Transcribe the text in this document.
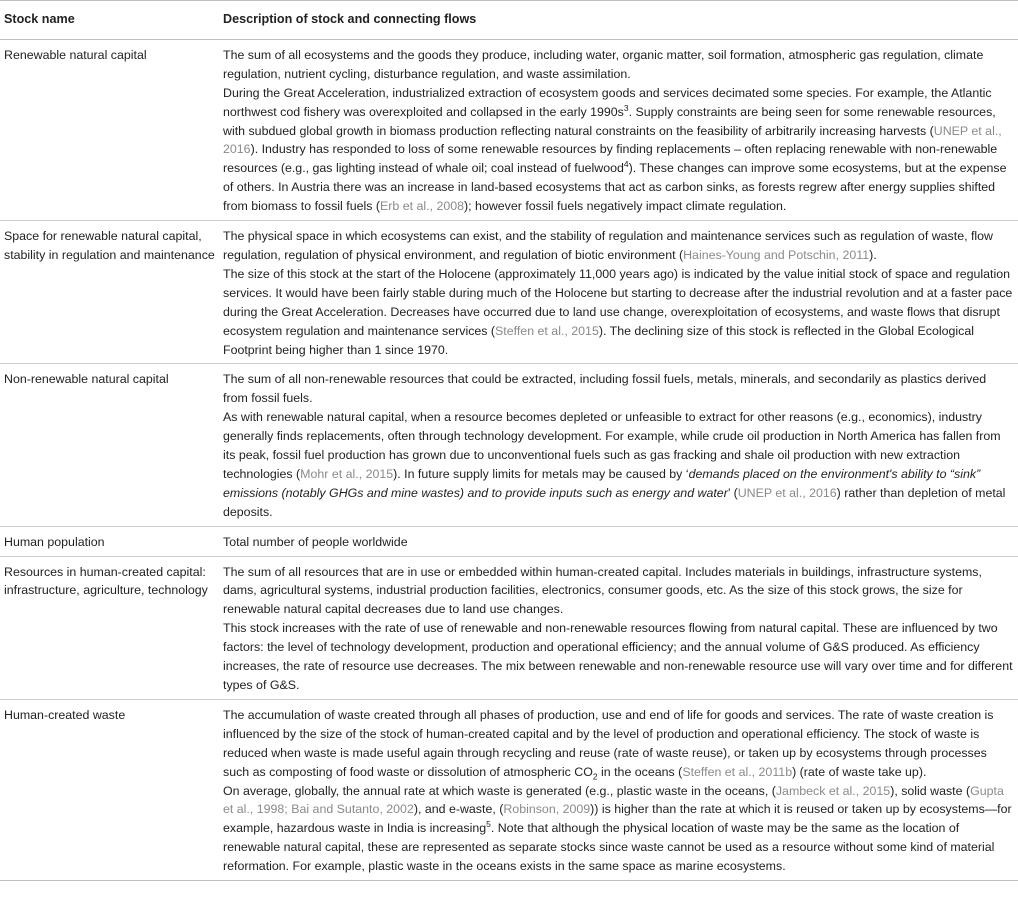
Stock name	Description of stock and connecting flows
Renewable natural capital	The sum of all ecosystems and the goods they produce, including water, organic matter, soil formation, atmospheric gas regulation, climate regulation, nutrient cycling, disturbance regulation, and waste assimilation.
During the Great Acceleration, industrialized extraction of ecosystem goods and services decimated some species. For example, the Atlantic northwest cod fishery was overexploited and collapsed in the early $1990s^3$. Supply constraints are being seen for some renewable resources, with subdued global growth in biomass production reflecting natural constraints on the feasibility of arbitrarily increasing harvests (UNEP et al., 2016). Industry has responded to loss of some renewable resources by finding replacements – often replacing renewable with non-renewable resources (e.g., gas lighting instead of whale oil; coal instead of fuelwood$^4$). These changes can improve some ecosystems, but at the expense of others. In Austria there was an increase in land-based ecosystems that act as carbon sinks, as forests regrew after energy supplies shifted from biomass to fossil fuels (Erb et al., 2008); however fossil fuels negatively impact climate regulation.

Space for renewable natural capital, stability in regulation and maintenance	The physical space in which ecosystems can exist, and the stability of regulation and maintenance services such as regulation of waste, flow regulation, regulation of physical environment, and regulation of biotic environment (Haines-Young and Potschin, 2011).
The size of this stock at the start of the Holocene (approximately 11,000 years ago) is indicated by the value initial stock of space and regulation services. It would have been fairly stable during much of the Holocene but starting to decrease after the industrial revolution and at a faster pace during the Great Acceleration. Decreases have occurred due to land use change, overexploitation of ecosystems, and waste flows that disrupt ecosystem regulation and maintenance services (Steffen et al., 2015). The declining size of this stock is reflected in the Global Ecological Footprint being higher than 1 since 1970.

Non-renewable natural capital	The sum of all non-renewable resources that could be extracted, including fossil fuels, metals, minerals, and secondarily as plastics derived from fossil fuels.
As with renewable natural capital, when a resource becomes depleted or unfeasible to extract for other reasons (e.g., economics), industry generally finds replacements, often through technology development. For example, while crude oil production in North America has fallen from its peak, fossil fuel production has grown due to unconventional fuels such as gas fracking and shale oil production with new extraction technologies (Mohr et al., 2015). In future supply limits for metals may be caused by ‘demands placed on the environment's ability to “sink” emissions (notably GHGs and mine wastes) and to provide inputs such as energy and water’ (UNEP et al., 2016) rather than depletion of metal deposits.

Human population	Total number of people worldwide

Resources in human-created capital: infrastructure, agriculture, technology	The sum of all resources that are in use or embedded within human-created capital. Includes materials in buildings, infrastructure systems, dams, agricultural systems, industrial production facilities, electronics, consumer goods, etc. As the size of this stock grows, the size for renewable natural capital decreases due to land use changes.
This stock increases with the rate of use of renewable and non-renewable resources flowing from natural capital. These are influenced by two factors: the level of technology development, production and operational efficiency; and the annual volume of G&S produced. As efficiency increases, the rate of resource use decreases. The mix between renewable and non-renewable resource use will vary over time and for different types of G&S.

Human-created waste	The accumulation of waste created through all phases of production, use and end of life for goods and services. The rate of waste creation is influenced by the size of the stock of human-created capital and by the level of production and operational efficiency. The stock of waste is reduced when waste is made useful again through recycling and reuse (rate of waste reuse), or taken up by ecosystems through processes such as composting of food waste or dissolution of atmospheric $CO_2$ in the oceans (Steffen et al., 2011b) (rate of waste take up).
On average, globally, the annual rate at which waste is generated (e.g., plastic waste in the oceans, (Jambeck et al., 2015), solid waste (Gupta et al., 1998; Bai and Sutanto, 2002), and e-waste, (Robinson, 2009)) is higher than the rate at which it is reused or taken up by ecosystems—for example, hazardous waste in India is increasing$^5$. Note that although the physical location of waste may be the same as the location of renewable natural capital, these are represented as separate stocks since waste cannot be used as a resource without some kind of material reformation. For example, plastic waste in the oceans exists in the same space as marine ecosystems.
